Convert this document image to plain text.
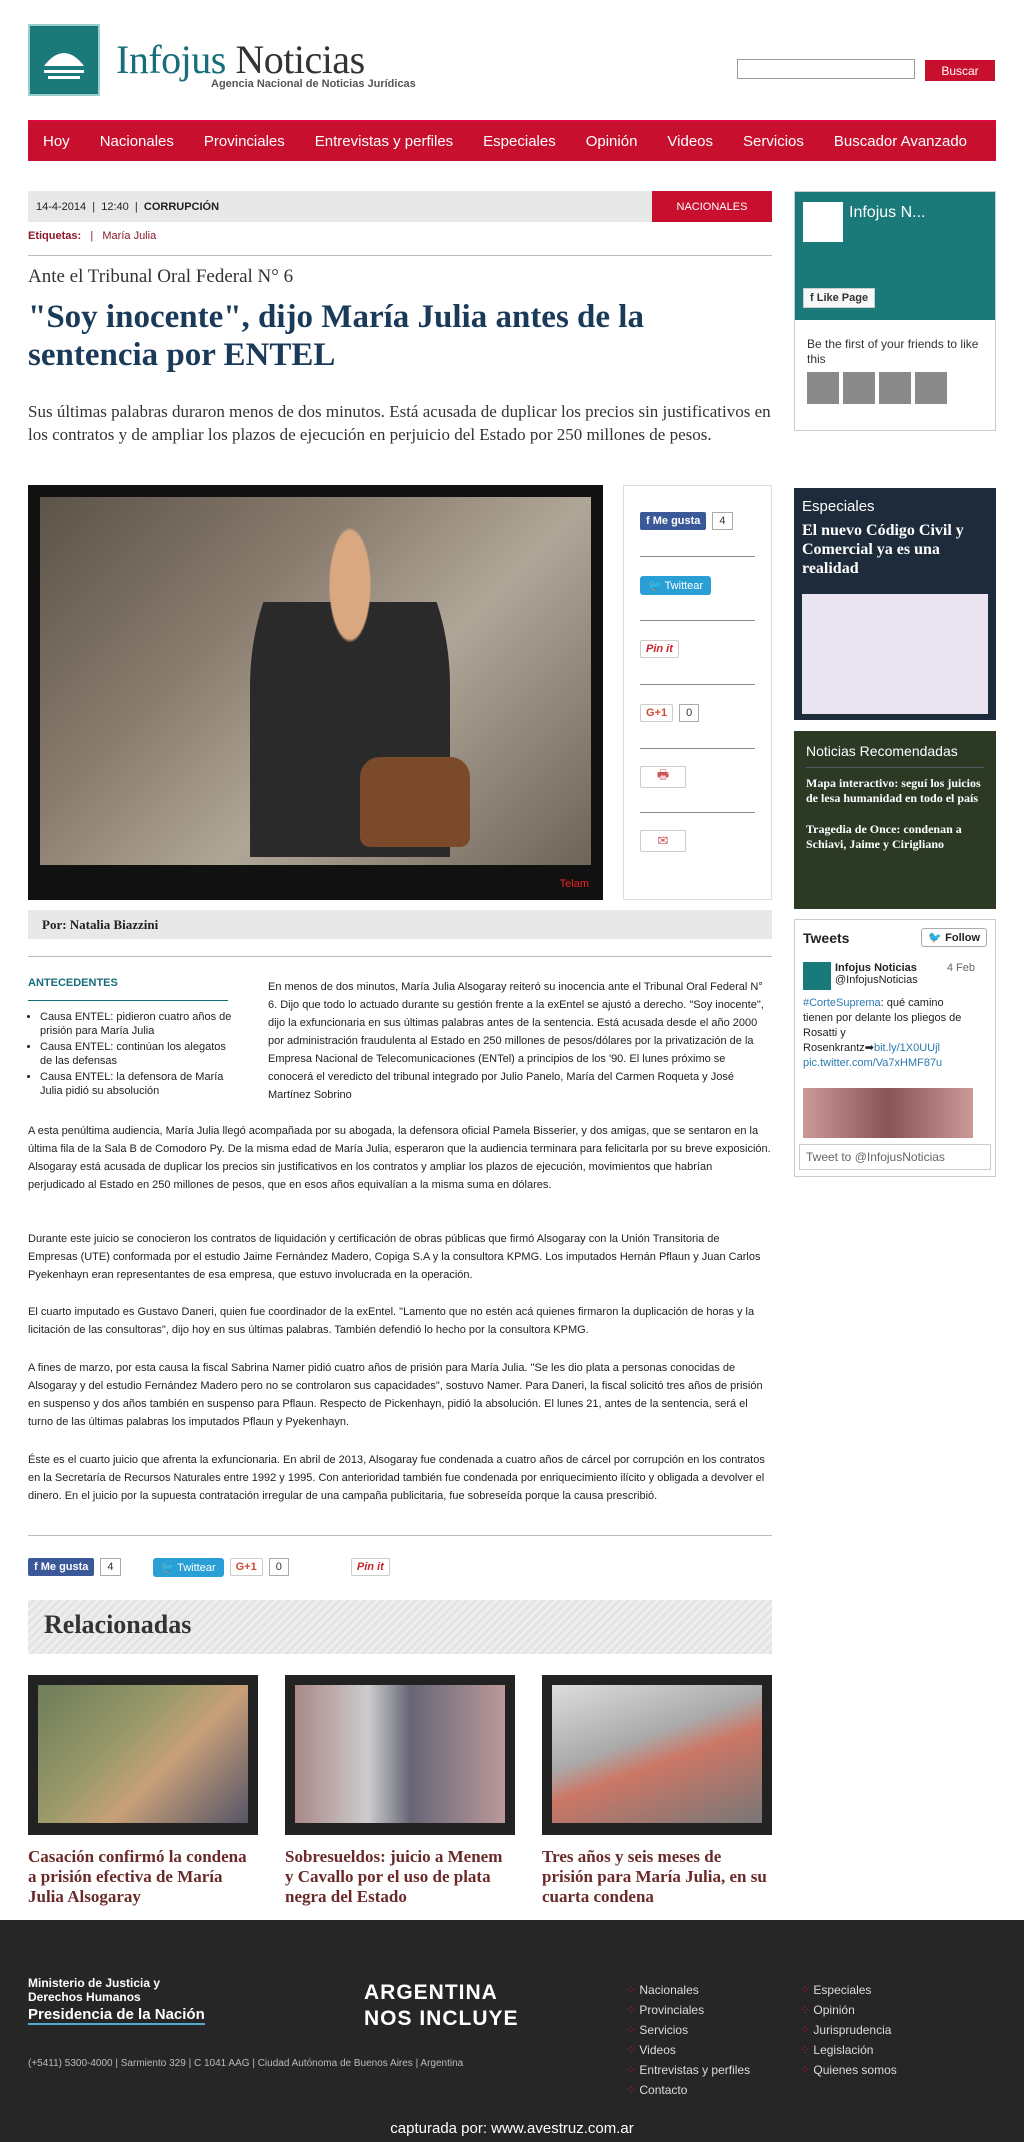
Infojus Noticias
Agencia Nacional de Noticias Jurídicas
Buscar
Hoy	Nacionales	Provinciales	Entrevistas y perfiles	Especiales	Opinión	Videos	Servicios	Buscador Avanzado
14-4-2014  |  12:40  |  CORRUPCIÓN	NACIONALES
Etiquetas:   |   María Julia
Ante el Tribunal Oral Federal N° 6
"Soy inocente", dijo María Julia antes de la sentencia por ENTEL

Sus últimas palabras duraron menos de dos minutos. Está acusada de duplicar los precios sin justificativos en los contratos y de ampliar los plazos de ejecución en perjuicio del Estado por 250 millones de pesos.

Telam
f Me gusta	4
🐦 Twittear
Pin it
G+1	0
🖶
✉
Por: Natalia Biazzini
ANTECEDENTES
• Causa ENTEL: pidieron cuatro años de prisión para María Julia
• Causa ENTEL: continúan los alegatos de las defensas
• Causa ENTEL: la defensora de María Julia pidió su absolución

En menos de dos minutos, María Julia Alsogaray reiteró su inocencia ante el Tribunal Oral Federal N° 6. Dijo que todo lo actuado durante su gestión frente a la exEntel se ajustó a derecho. "Soy inocente", dijo la exfuncionaria en sus últimas palabras antes de la sentencia. Está acusada desde el año 2000 por administración fraudulenta al Estado en 250 millones de pesos/dólares por la privatización de la Empresa Nacional de Telecomunicaciones (ENTel) a principios de los '90. El lunes próximo se conocerá el veredicto del tribunal integrado por Julio Panelo, María del Carmen Roqueta y José Martínez Sobrino

A esta penúltima audiencia, María Julia llegó acompañada por su abogada, la defensora oficial Pamela Bisserier, y dos amigas, que se sentaron en la última fila de la Sala B de Comodoro Py. De la misma edad de María Julia, esperaron que la audiencia terminara para felicitarla por su breve exposición. Alsogaray está acusada de duplicar los precios sin justificativos en los contratos y ampliar los plazos de ejecución, movimientos que habrían perjudicado al Estado en 250 millones de pesos, que en esos años equivalían a la misma suma en dólares.

Durante este juicio se conocieron los contratos de liquidación y certificación de obras públicas que firmó Alsogaray con la Unión Transitoria de Empresas (UTE) conformada por el estudio Jaime Fernández Madero, Copiga S.A y la consultora KPMG. Los imputados Hernán Pflaun y Juan Carlos Pyekenhayn eran representantes de esa empresa, que estuvo involucrada en la operación.

El cuarto imputado es Gustavo Daneri, quien fue coordinador de la exEntel. "Lamento que no estén acá quienes firmaron la duplicación de horas y la licitación de las consultoras", dijo hoy en sus últimas palabras. También defendió lo hecho por la consultora KPMG.

A fines de marzo, por esta causa la fiscal Sabrina Namer pidió cuatro años de prisión para María Julia. "Se les dio plata a personas conocidas de Alsogaray y del estudio Fernández Madero pero no se controlaron sus capacidades", sostuvo Namer. Para Daneri, la fiscal solicitó tres años de prisión en suspenso y dos años también en suspenso para Pflaun. Respecto de Pickenhayn, pidió la absolución. El lunes 21, antes de la sentencia, será el turno de las últimas palabras los imputados Pflaun y Pyekenhayn.

Éste es el cuarto juicio que afrenta la exfuncionaria. En abril de 2013, Alsogaray fue condenada a cuatro años de cárcel por corrupción en los contratos en la Secretaría de Recursos Naturales entre 1992 y 1995. Con anterioridad también fue condenada por enriquecimiento ilícito y obligada a devolver el dinero. En el juicio por la supuesta contratación irregular de una campaña publicitaria, fue sobreseída porque la causa prescribió.

f Me gusta	4	🐦 Twittear	G+1	0	Pin it
Relacionadas
Casación confirmó la condena a prisión efectiva de María Julia Alsogaray
Sobresueldos: juicio a Menem y Cavallo por el uso de plata negra del Estado
Tres años y seis meses de prisión para María Julia, en su cuarta condena
Infojus N...
f Like Page
Be the first of your friends to like this
Especiales
El nuevo Código Civil y Comercial ya es una realidad
Noticias Recomendadas
Mapa interactivo: seguí los juicios de lesa humanidad en todo el país
Tragedia de Once: condenan a Schiavi, Jaime y Cirigliano
Tweets	🐦 Follow
Infojus Noticias
@InfojusNoticias
4 Feb
#CorteSuprema: qué camino tienen por delante los pliegos de Rosatti y Rosenkrantz➡bit.ly/1X0UUjl pic.twitter.com/Va7xHMF87u
Tweet to @InfojusNoticias
Ministerio de Justicia y Derechos Humanos
Presidencia de la Nación
ARGENTINA
NOS INCLUYE
(+5411) 5300-4000 | Sarmiento 329 | C 1041 AAG | Ciudad Autónoma de Buenos Aires | Argentina
⁘ Nacionales
⁘ Provinciales
⁘ Servicios
⁘ Videos
⁘ Entrevistas y perfiles
⁘ Contacto
⁘ Especiales
⁘ Opinión
⁘ Jurisprudencia
⁘ Legislación
⁘ Quienes somos
capturada por: www.avestruz.com.ar
